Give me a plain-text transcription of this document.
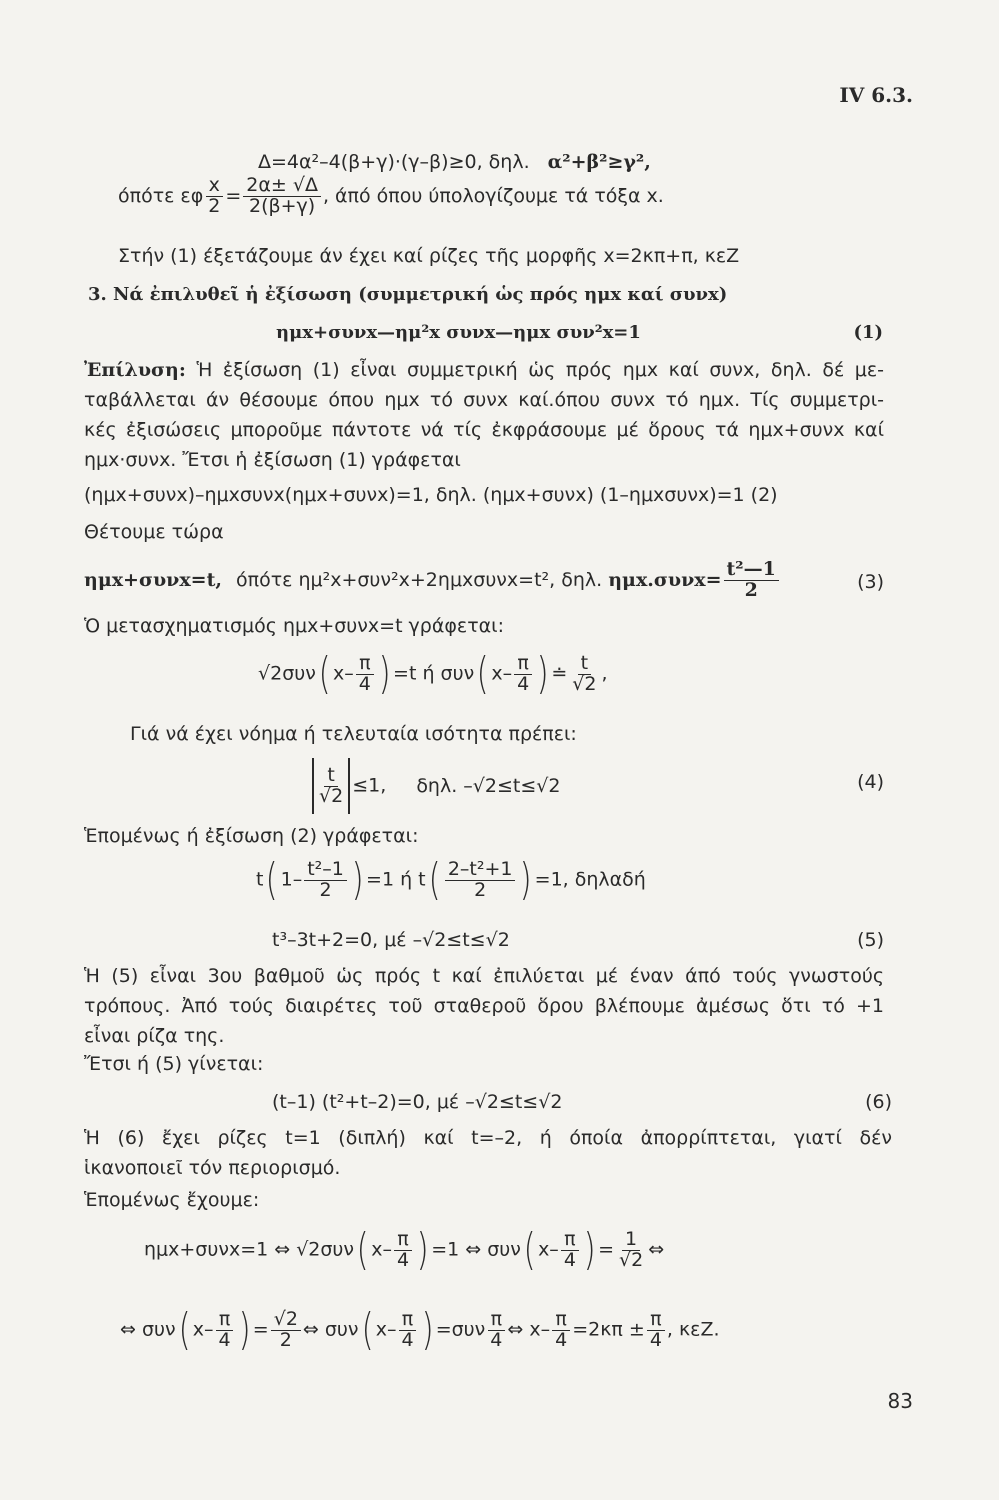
IV 6.3.
Δ=4α²–4(β+γ)·(γ–β)≥0, δηλ. α²+β²≥γ²,
όπότε εφ $\frac{x}{2} = \frac{2\alpha\pm √\Delta}{2(\beta+\gamma)}$ , άπό όπου ύπολογίζουμε τά τόξα x.
Στήν (1) έξετάζουμε άν έχει καί ρίζες τῆς μορφῆς x=2κπ+π, κεZ
3. Νά ἐπιλυθεῖ ἡ ἐξίσωση (συμμετρική ὡς πρός ημx καί συνx)
ημx+συνx—ημ²x συνx—ημx συν²x=1	(1)
Ἐπίλυση: Ἡ ἐξίσωση (1) εἶναι συμμετρική ὡς πρός ημx καί συνx, δηλ. δέ με-
ταβάλλεται άν θέσουμε όπου ημx τό συνx καί.όπου συνx τό ημx. Τίς συμμετρι-
κές ἐξισώσεις μποροῦμε πάντοτε νά τίς ἐκφράσουμε μέ ὅρους τά ημx+συνx καί
ημx·συνx. Ἔτσι ἡ ἐξίσωση (1) γράφεται
(ημx+συνx)–ημxσυνx(ημx+συνx)=1, δηλ. (ημx+συνx) (1–ημxσυνx)=1 (2)
Θέτουμε τώρα
ημx+συνx=t, όπότε ημ²x+συν²x+2ημxσυνx=t², δηλ. $\eta\mu x.\sigma\upsilon\nu x= \frac{\text{t²—1}}{2}$	(3)
Ὁ μετασχηματισμός ημx+συνx=t γράφεται:
√2συν( $x- \frac{\pi}{4}$ ) =t ή συν( $x- \frac{\pi}{4}$ ) ≐ $\frac{t}{√2}$ ,
Γιά νά έχει νόημα ή τελευταία ισότητα πρέπει:
$\frac{t}{√2} \le 1$, δηλ. –√2≤t≤√2	(4)
Ἑπομένως ή ἐξίσωση (2) γράφεται:
t( $1- \frac{\text{t²–1}}{2}$ ) =1 ή $t( \frac{\text{2–t²+1}}{2}$ ) =1, δηλαδή
t³–3t+2=0, μέ –√2≤t≤√2	(5)
Ἡ (5) εἶναι 3ου βαθμοῦ ὡς πρός t καί ἐπιλύεται μέ έναν άπό τούς γνωστούς
τρόπους. Ἀπό τούς διαιρέτες τοῦ σταθεροῦ ὅρου βλέπουμε ἀμέσως ὅτι τό +1
εἶναι ρίζα της.
Ἔτσι ή (5) γίνεται:
(t–1) (t²+t–2)=0, μέ –√2≤t≤√2	(6)
Ἡ (6) ἔχει ρίζες t=1 (διπλή) καί t=–2, ή όποία ἀπορρίπτεται, γιατί δέν
ἱκανοποιεῖ τόν περιορισμό.
Ἑπομένως ἔχουμε:
ημx+συνx=1 ⇔ √2συν( $x- \frac{\pi}{4}$ ) =1 ⇔ συν( $x- \frac{\pi}{4}$ ) = $\frac{1}{√2}$ ⇔
⇔ συν( $x- \frac{\pi}{4}$ ) = $\frac{√2}{2}$ ⇔ συν( $x- \frac{\pi}{4}$ ) $=\sigma\upsilon\nu \frac{\pi}{4}$ ⇔ $x- \frac{\pi}{4} =2\kappa\pi \pm \frac{\pi}{4}$ , κεZ.
83
